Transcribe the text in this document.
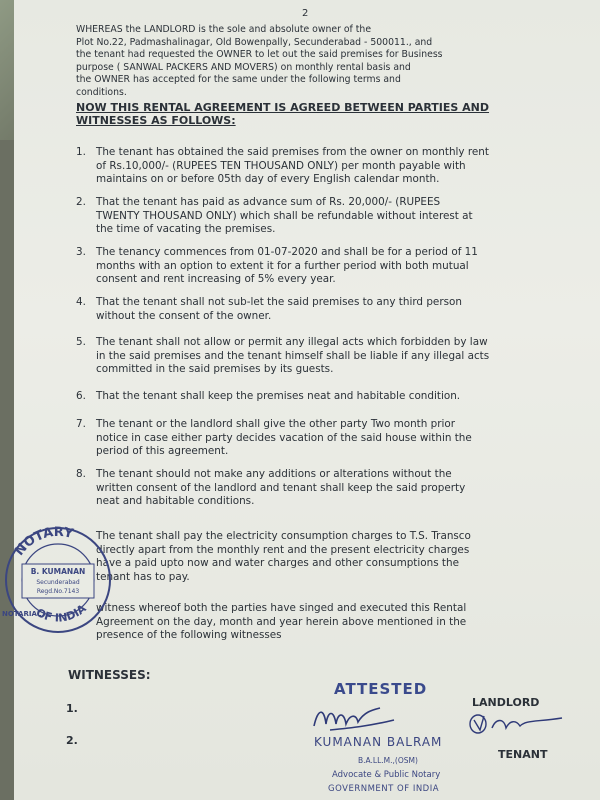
2
WHEREAS the LANDLORD is the sole and absolute owner of the
Plot No.22, Padmashalinagar, Old Bowenpally, Secunderabad - 500011., and
the tenant had requested the OWNER to let out the said premises for Business
purpose ( SANWAL PACKERS AND MOVERS) on monthly rental basis and
the OWNER has accepted for the same under the following terms and
conditions.
NOW THIS RENTAL AGREEMENT IS AGREED BETWEEN PARTIES AND
WITNESSES AS FOLLOWS:
1. The tenant has obtained the said premises from the owner on monthly rent
of Rs.10,000/- (RUPEES TEN THOUSAND ONLY) per month payable with
maintains on or before 05th day of every English calendar month.
2. That the tenant has paid as advance sum of Rs. 20,000/- (RUPEES
TWENTY THOUSAND ONLY) which shall be refundable without interest at
the time of vacating the premises.
3. The tenancy commences from 01-07-2020 and shall be for a period of 11
months with an option to extent it for a further period with both mutual
consent and rent increasing of 5% every year.
4. That the tenant shall not sub-let the said premises to any third person
without the consent of the owner.
5. The tenant shall not allow or permit any illegal acts which forbidden by law
in the said premises and the tenant himself shall be liable if any illegal acts
committed in the said premises by its guests.
6. That the tenant shall keep the premises neat and habitable condition.
7. The tenant or the landlord shall give the other party Two month prior
notice in case either party decides vacation of the said house within the
period of this agreement.
8. The tenant should not make any additions or alterations without the
written consent of the landlord and tenant shall keep the said property
neat and habitable conditions.
The tenant shall pay the electricity consumption charges to T.S. Transco
directly apart from the monthly rent and the present electricity charges
have a paid upto now and water charges and other consumptions the
tenant has to pay.
witness whereof both the parties have singed and executed this Rental
Agreement on the day, month and year herein above mentioned in the
presence of the following witnesses
WITNESSES:
1.
2.
ATTESTED
LANDLORD
TENANT
KUMANAN BALRAM
B.A.LL.M.,(OSM)
Advocate & Public Notary
GOVERNMENT OF INDIA
NOTARY
OF INDIA
B. KUMANAN
Secunderabad
Regd.No.7143
NOTARIAL
